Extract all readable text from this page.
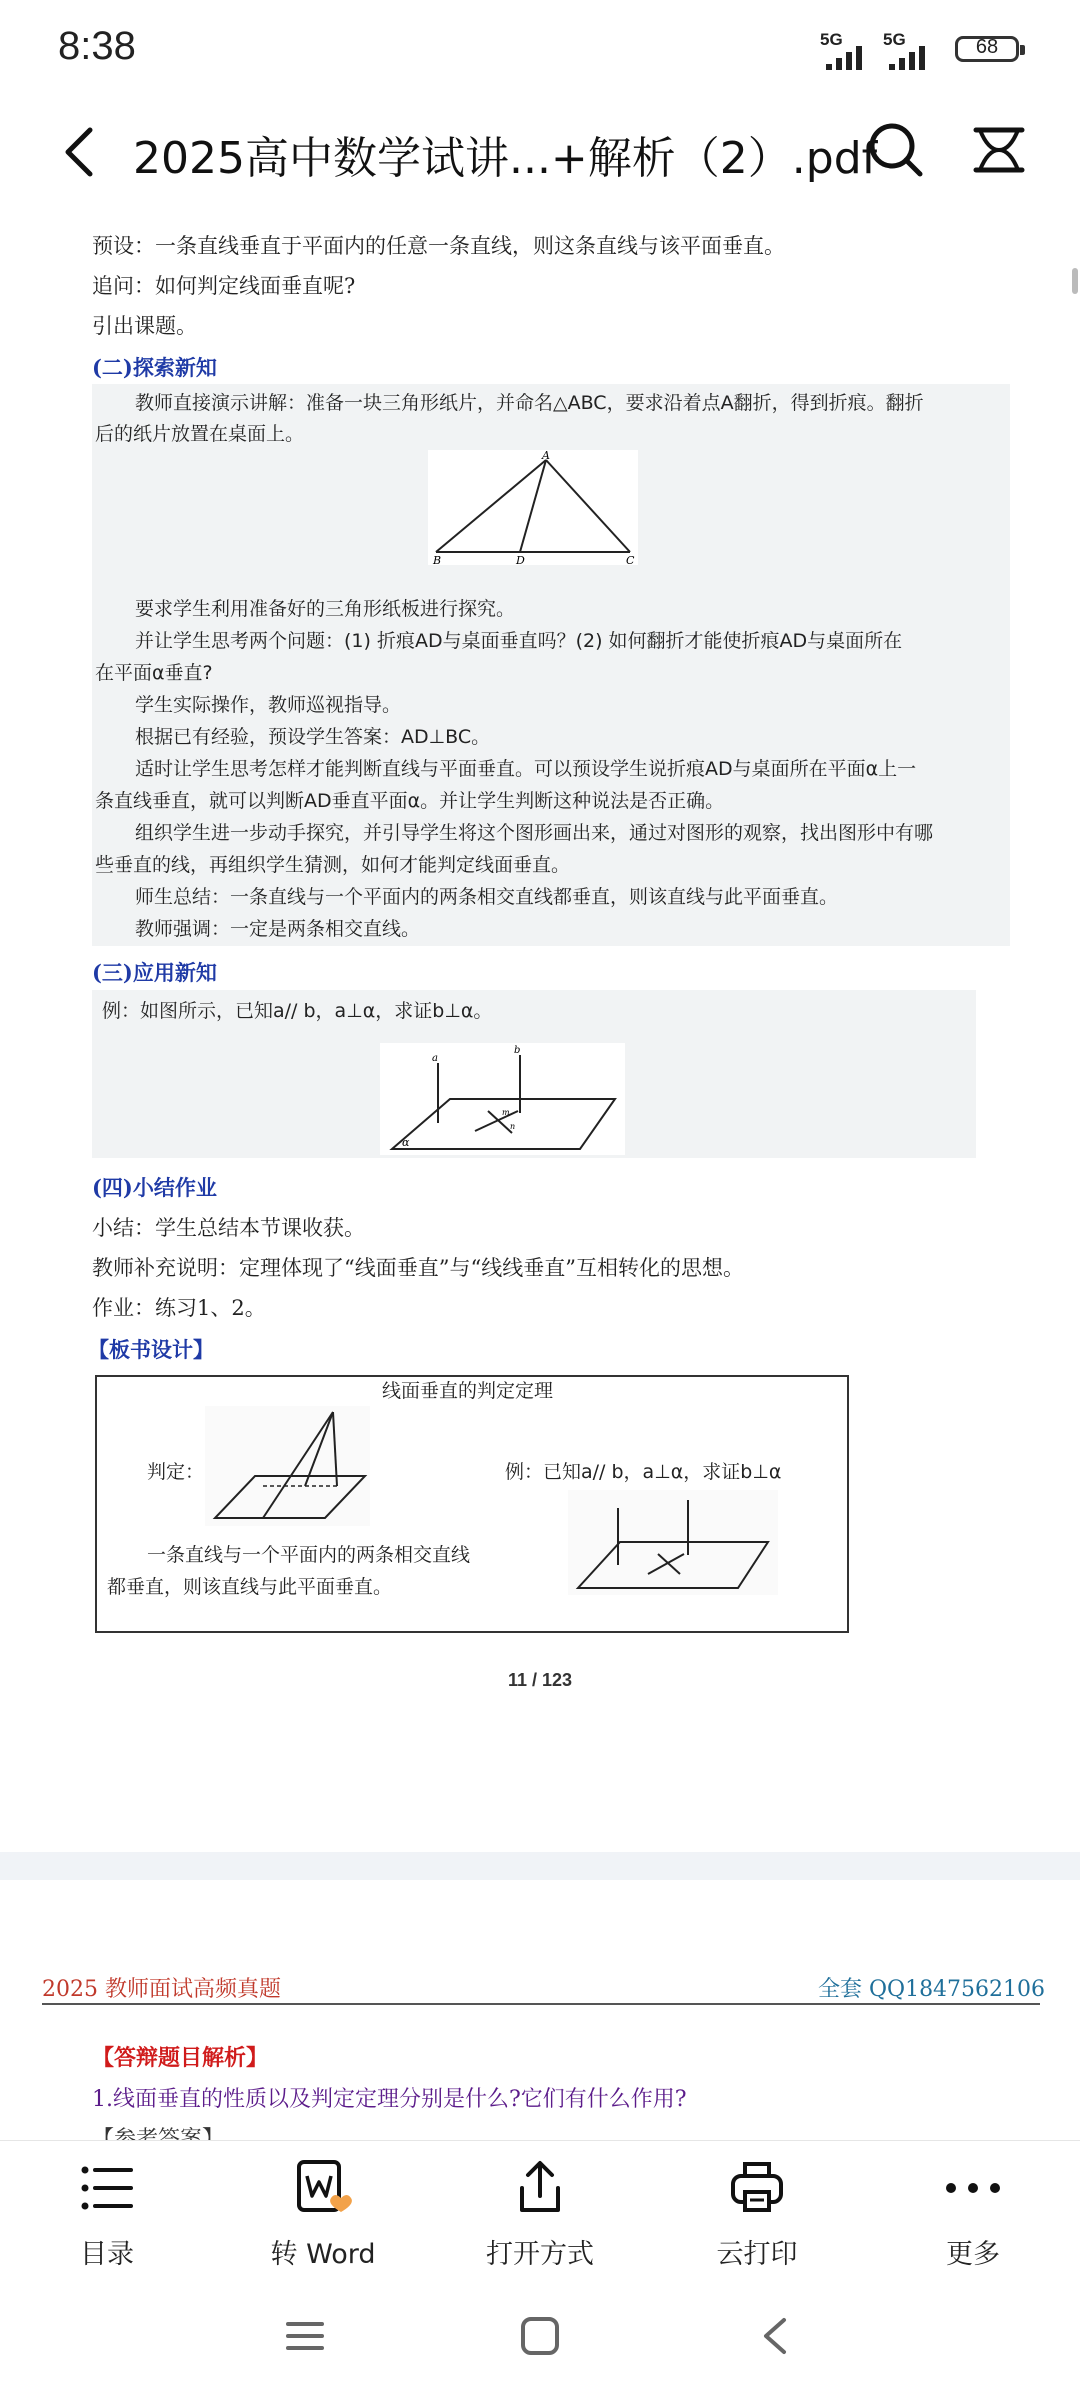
8:38	5G 5G	68
2025高中数学试讲...+解析（2）.pdf
预设：一条直线垂直于平面内的任意一条直线，则这条直线与该平面垂直。
追问：如何判定线面垂直呢?
引出课题。
(二)探索新知
教师直接演示讲解：准备一块三角形纸片，并命名△ABC，要求沿着点A翻折，得到折痕。翻折
后的纸片放置在桌面上。
A
B	D	C
要求学生利用准备好的三角形纸板进行探究。
并让学生思考两个问题：(1) 折痕AD与桌面垂直吗？(2) 如何翻折才能使折痕AD与桌面所在
在平面α垂直?
学生实际操作，教师巡视指导。
根据已有经验，预设学生答案：AD⊥BC。
适时让学生思考怎样才能判断直线与平面垂直。可以预设学生说折痕AD与桌面所在平面α上一
条直线垂直，就可以判断AD垂直平面α。并让学生判断这种说法是否正确。
组织学生进一步动手探究，并引导学生将这个图形画出来，通过对图形的观察，找出图形中有哪
些垂直的线，再组织学生猜测，如何才能判定线面垂直。
师生总结：一条直线与一个平面内的两条相交直线都垂直，则该直线与此平面垂直。
教师强调：一定是两条相交直线。
(三)应用新知
例：如图所示，已知a// b，a⊥α，求证b⊥α。
a
b
α
m
n
(四)小结作业
小结：学生总结本节课收获。
教师补充说明：定理体现了“线面垂直”与“线线垂直”互相转化的思想。
作业：练习1、2。
【板书设计】
线面垂直的判定定理
判定：	例：已知a// b，a⊥α，求证b⊥α
一条直线与一个平面内的两条相交直线
都垂直，则该直线与此平面垂直。
11 / 123
2025 教师面试高频真题	全套 QQ1847562106
【答辩题目解析】
1.线面垂直的性质以及判定定理分别是什么?它们有什么作用?
目录	转 Word	打开方式	云打印	更多
